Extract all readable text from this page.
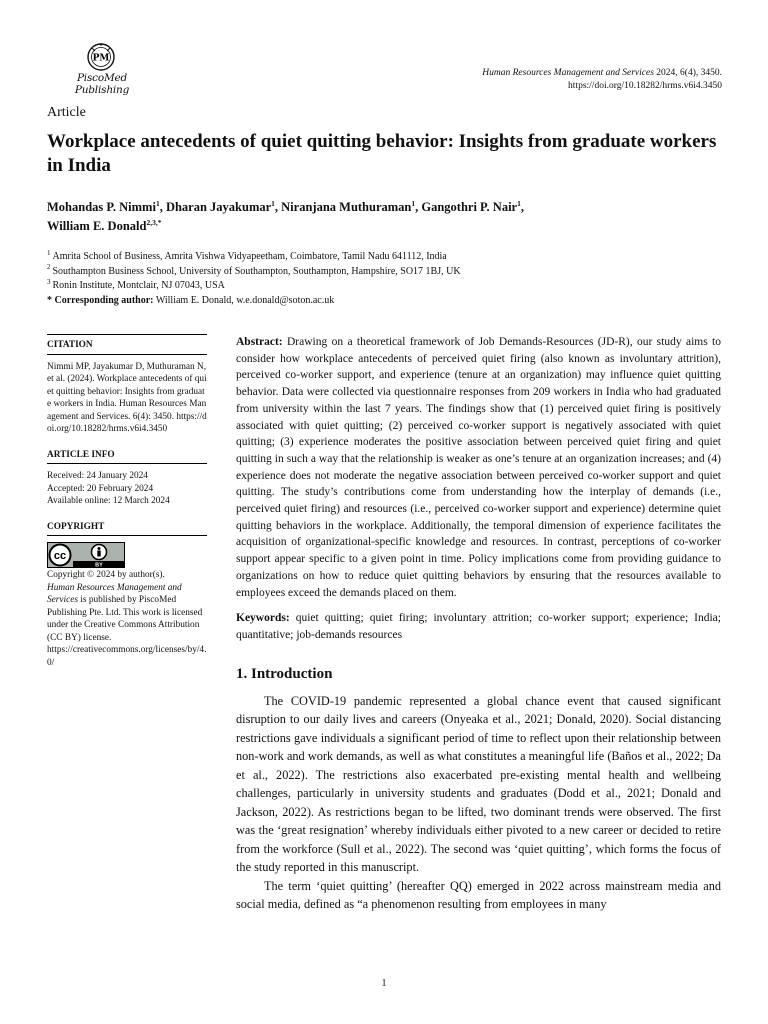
PM
PiscoMed Publishing
Human Resources Management and Services 2024, 6(4), 3450.
https://doi.org/10.18282/hrms.v6i4.3450
Article
Workplace antecedents of quiet quitting behavior: Insights from graduate workers in India
Mohandas P. Nimmi$^1$, Dharan Jayakumar$^1$, Niranjana Muthuraman$^1$, Gangothri P. Nair$^1$,
William E. Donald$^{2,3,*}$
$^1$ Amrita School of Business, Amrita Vishwa Vidyapeetham, Coimbatore, Tamil Nadu 641112, India
$^2$ Southampton Business School, University of Southampton, Southampton, Hampshire, SO17 1BJ, UK
$^3$ Ronin Institute, Montclair, NJ 07043, USA
* Corresponding author: William E. Donald, w.e.donald@soton.ac.uk
CITATION
Nimmi MP, Jayakumar D, Muthuraman N, et al. (2024). Workplace antecedents of quiet quitting behavior: Insights from graduate workers in India. Human Resources Management and Services. 6(4): 3450. https://doi.org/10.18282/hrms.v6i4.3450
ARTICLE INFO
Received: 24 January 2024
Accepted: 20 February 2024
Available online: 12 March 2024
COPYRIGHT
cc
BY
Copyright © 2024 by author(s).
Human Resources Management and Services is published by PiscoMed Publishing Pte. Ltd. This work is licensed under the Creative Commons Attribution (CC BY) license.
https://creativecommons.org/licenses/by/4.0/

Abstract: Drawing on a theoretical framework of Job Demands-Resources (JD-R), our study aims to consider how workplace antecedents of perceived quiet firing (also known as involuntary attrition), perceived co-worker support, and experience (tenure at an organization) may influence quiet quitting behavior. Data were collected via questionnaire responses from 209 workers in India who had graduated from university within the last 7 years. The findings show that (1) perceived quiet firing is positively associated with quiet quitting; (2) perceived co-worker support is negatively associated with quiet quitting; (3) experience moderates the positive association between perceived quiet firing and quiet quitting in such a way that the relationship is weaker as one’s tenure at an organization increases; and (4) experience does not moderate the negative association between perceived co-worker support and quiet quitting. The study’s contributions come from understanding how the interplay of demands (i.e., perceived quiet firing) and resources (i.e., perceived co-worker support and experience) determine quiet quitting behaviors in the workplace. Additionally, the temporal dimension of experience facilitates the acquisition of organizational-specific knowledge and resources. In contrast, perceptions of co-worker support appear specific to a given point in time. Policy implications come from providing guidance to organizations on how to reduce quiet quitting behaviors by ensuring that the resources available to employees exceed the demands placed on them.

Keywords: quiet quitting; quiet firing; involuntary attrition; co-worker support; experience; India; quantitative; job-demands resources

1. Introduction

The COVID-19 pandemic represented a global chance event that caused significant disruption to our daily lives and careers (Onyeaka et al., 2021; Donald, 2020). Social distancing restrictions gave individuals a significant period of time to reflect upon their relationship between non-work and work demands, as well as what constitutes a meaningful life (Baños et al., 2022; Da et al., 2022). The restrictions also exacerbated pre-existing mental health and wellbeing challenges, particularly in university students and graduates (Dodd et al., 2021; Donald and Jackson, 2022). As restrictions began to be lifted, two dominant trends were observed. The first was the ‘great resignation’ whereby individuals either pivoted to a new career or decided to retire from the workforce (Sull et al., 2022). The second was ‘quiet quitting’, which forms the focus of the study reported in this manuscript.

The term ‘quiet quitting’ (hereafter QQ) emerged in 2022 across mainstream media and social media, defined as “a phenomenon resulting from employees in many

1
